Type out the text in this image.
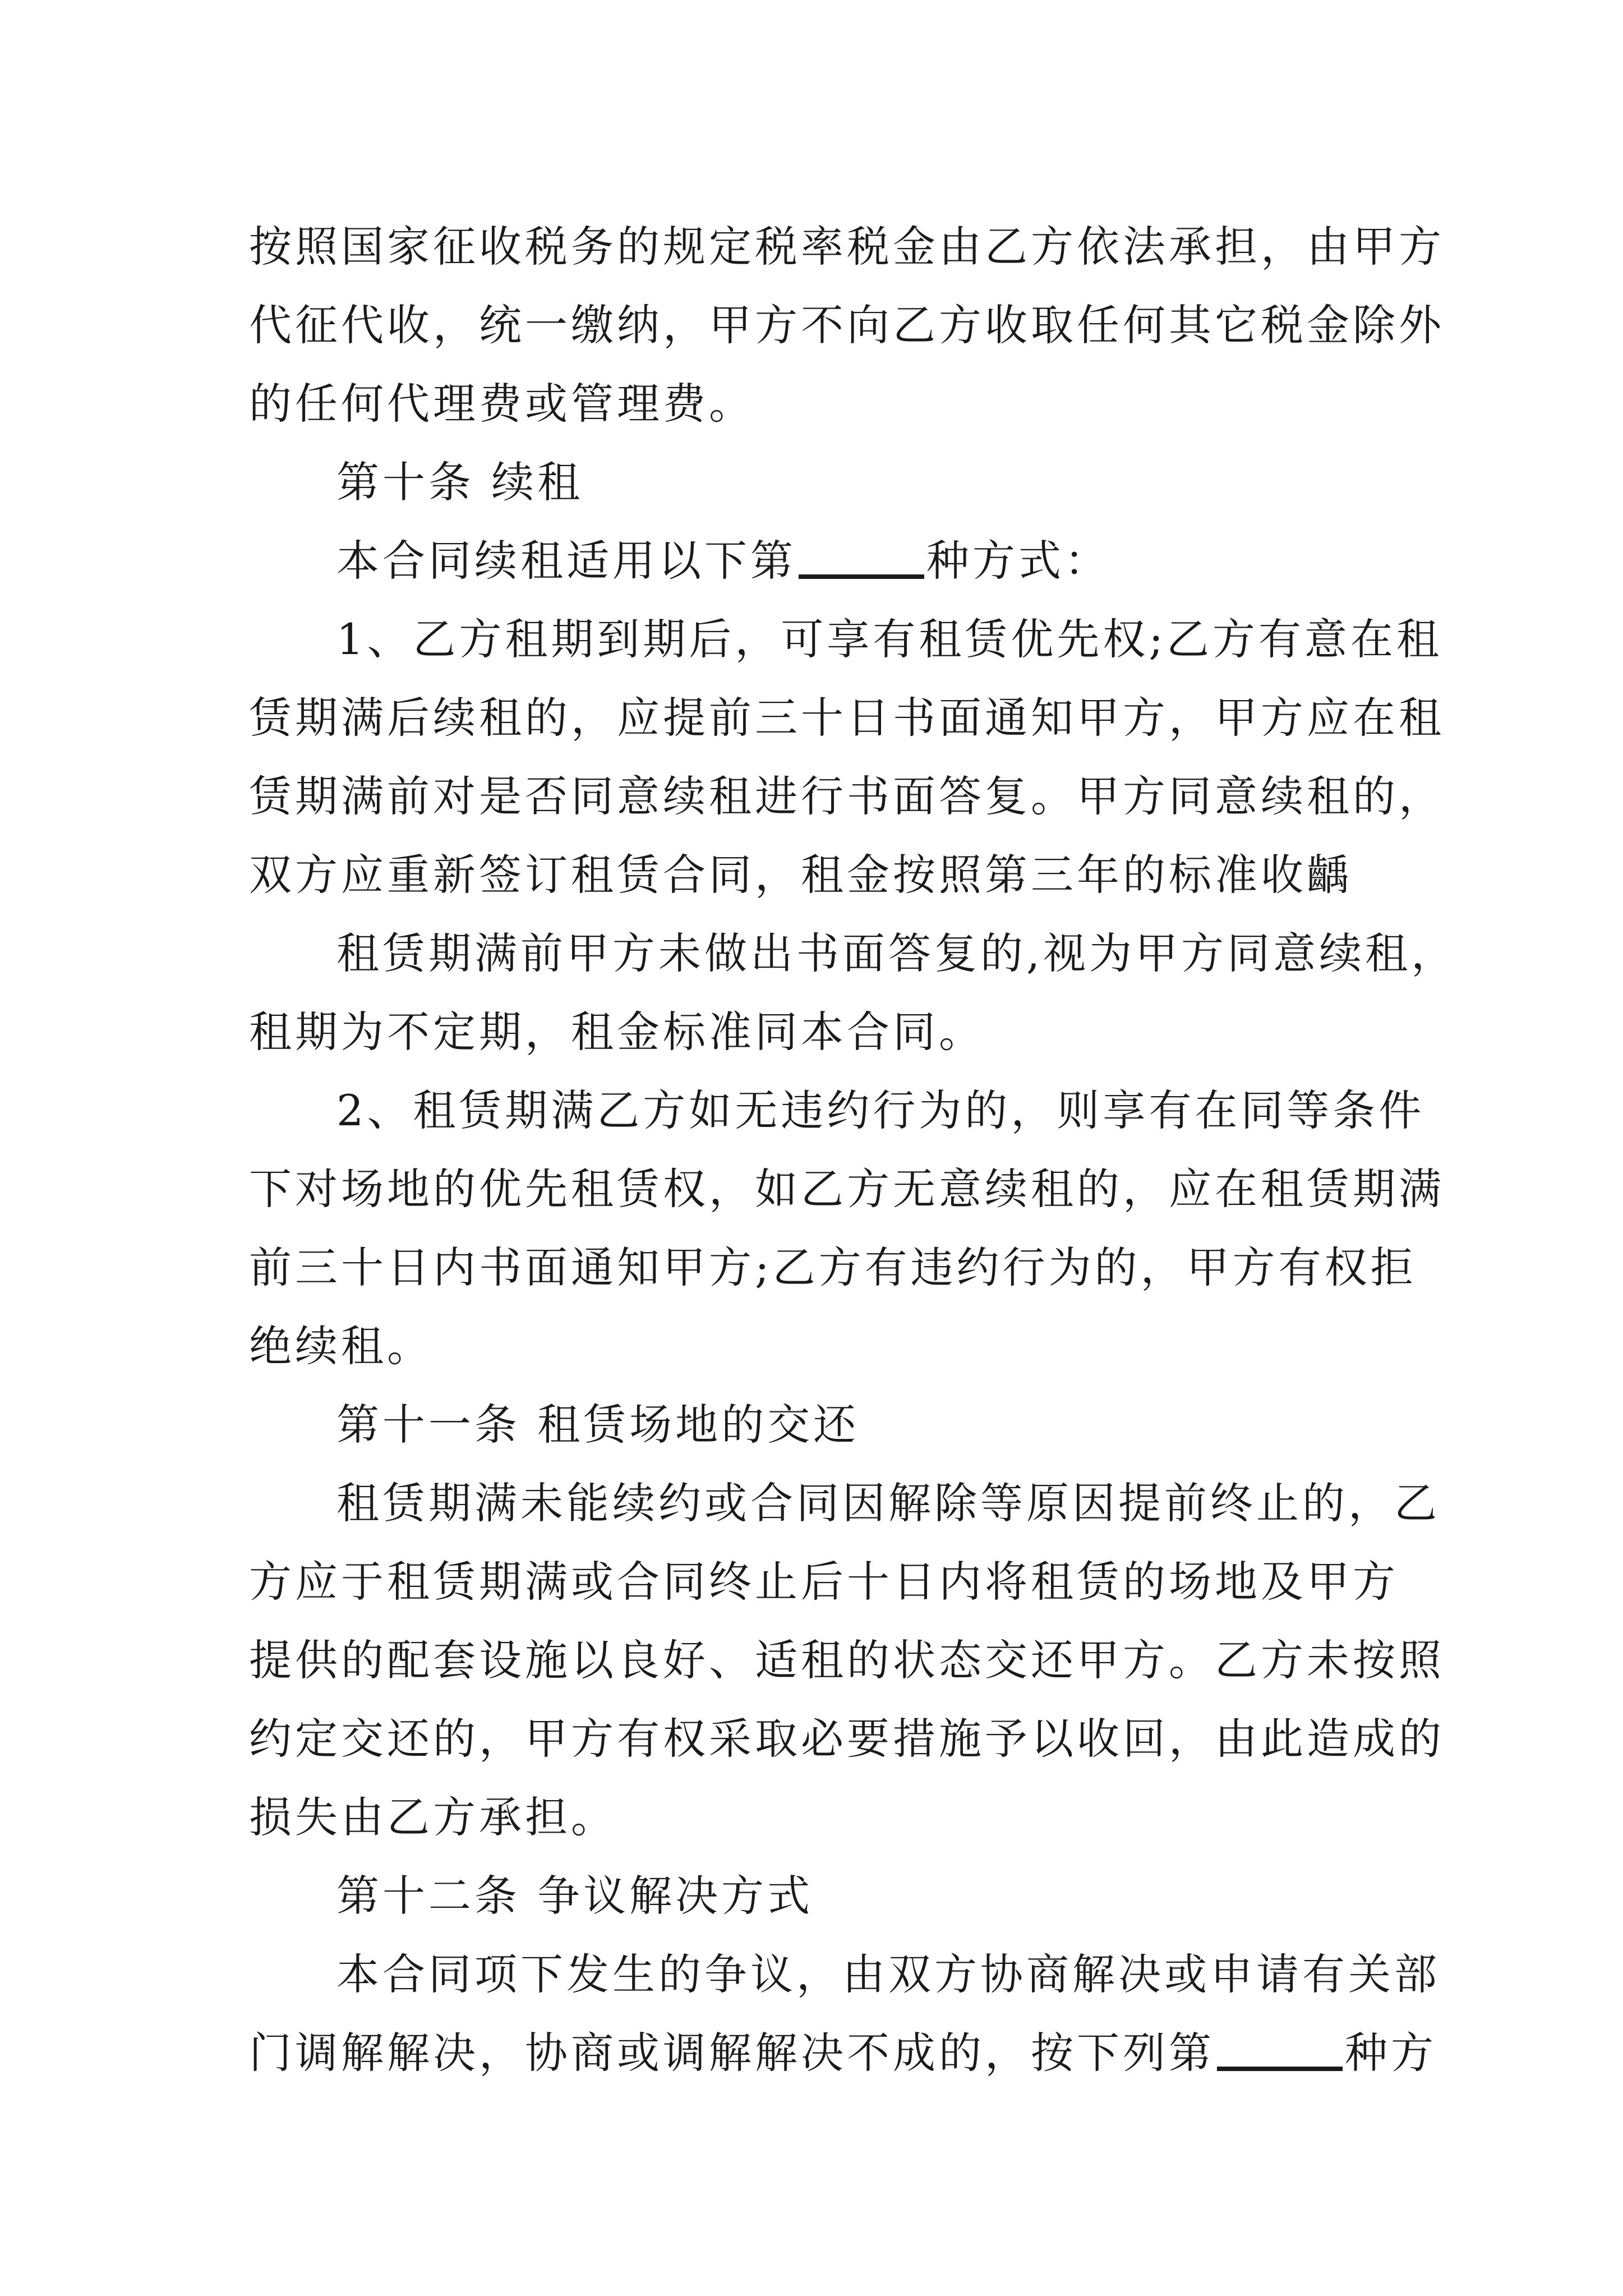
按照国家征收税务的规定税率税金由乙方依法承担，由甲方
代征代收，统一缴纳，甲方不向乙方收取任何其它税金除外
的任何代理费或管理费。
第十条 续租
本合同续租适用以下第	种方式：
1、乙方租期到期后，可享有租赁优先权;乙方有意在租
赁期满后续租的，应提前三十日书面通知甲方，甲方应在租
赁期满前对是否同意续租进行书面答复。甲方同意续租的，
双方应重新签订租赁合同，租金按照第三年的标准收齲
租赁期满前甲方未做出书面答复的,视为甲方同意续租，
租期为不定期，租金标准同本合同。
2、租赁期满乙方如无违约行为的，则享有在同等条件
下对场地的优先租赁权，如乙方无意续租的，应在租赁期满
前三十日内书面通知甲方;乙方有违约行为的，甲方有权拒
绝续租。
第十一条 租赁场地的交还
租赁期满未能续约或合同因解除等原因提前终止的，乙
方应于租赁期满或合同终止后十日内将租赁的场地及甲方
提供的配套设施以良好、适租的状态交还甲方。乙方未按照
约定交还的，甲方有权采取必要措施予以收回，由此造成的
损失由乙方承担。
第十二条 争议解决方式
本合同项下发生的争议，由双方协商解决或申请有关部
门调解解决，协商或调解解决不成的，按下列第	种方
